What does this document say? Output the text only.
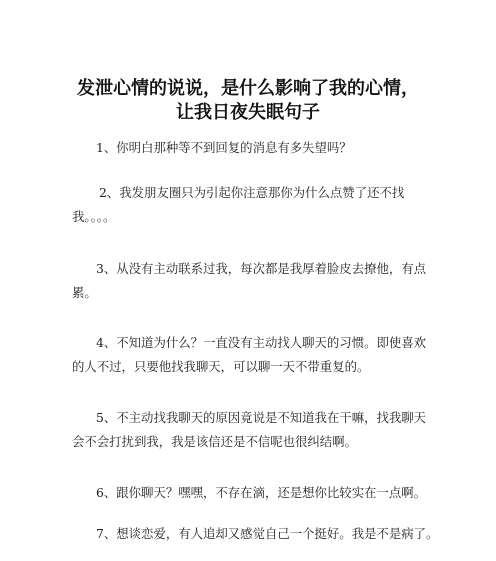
发泄心情的说说，是什么影响了我的心情，
让我日夜失眠句子

1、你明白那种等不到回复的消息有多失望吗？

2、我发朋友圈只为引起你注意那你为什么点赞了还不找
我。。。。

3、从没有主动联系过我，每次都是我厚着脸皮去撩他，有点
累。

4、不知道为什么？一直没有主动找人聊天的习惯。即使喜欢
的人不过，只要他找我聊天，可以聊一天不带重复的。

5、不主动找我聊天的原因竟说是不知道我在干嘛，找我聊天
会不会打扰到我，我是该信还是不信呢也很纠结啊。

6、跟你聊天？嘿嘿，不存在滴，还是想你比较实在一点啊。

7、想谈恋爱，有人追却又感觉自己一个挺好。我是不是病了。
